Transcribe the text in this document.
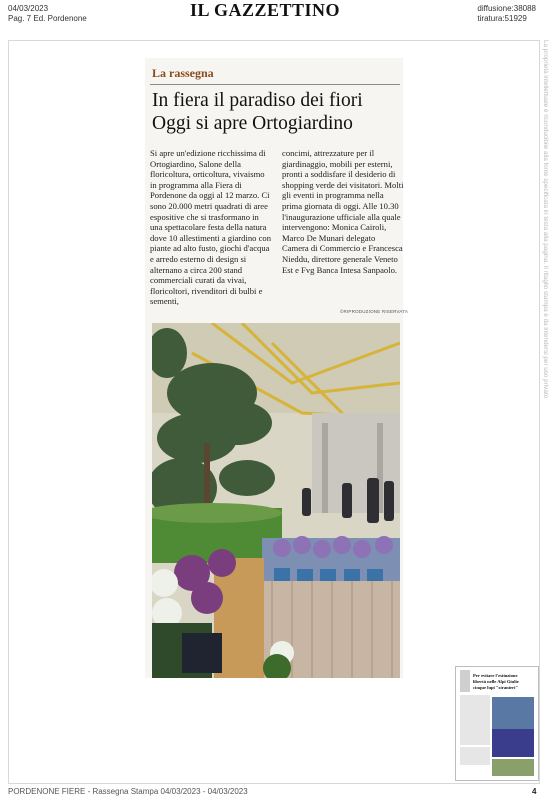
04/03/2023
Pag. 7 Ed. Pordenone	IL GAZZETTINO	diffusione:38088
tiratura:51929
La proprietà intellettuale è riconducibile alla fonte specificata in testa alla pagina. Il ritaglio stampa è da intendersi per uso privato
La rassegna
In fiera il paradiso dei fiori
Oggi si apre Ortogiardino

Si apre un'edizione ricchissima di Ortogiardino, Salone della floricoltura, orticoltura, vivaismo in programma alla Fiera di Pordenone da oggi al 12 marzo. Ci sono 20.000 metri quadrati di aree espositive che si trasformano in una spettacolare festa della natura dove 10 allestimenti a giardino con piante ad alto fusto, giochi d'acqua e arredo esterno di design si alternano a circa 200 stand commerciali curati da vivai, floricoltori, rivenditori di bulbi e sementi,

concimi, attrezzature per il giardinaggio, mobili per esterni, pronti a soddisfare il desiderio di shopping verde dei visitatori. Molti gli eventi in programma nella prima giornata di oggi. Alle 10.30 l'inaugurazione ufficiale alla quale intervengono: Monica Cairoli, Marco De Munari delegato Camera di Commercio e Francesca Nieddu, direttore generale Veneto Est e Fvg Banca Intesa Sanpaolo.

©RIPRODUZIONE RISERVATA
Per evitare l'estinzione
libertà nelle Alpi Giulie
cinque lupi "stranieri"
PORDENONE FIERE - Rassegna Stampa 04/03/2023 - 04/03/2023	4
